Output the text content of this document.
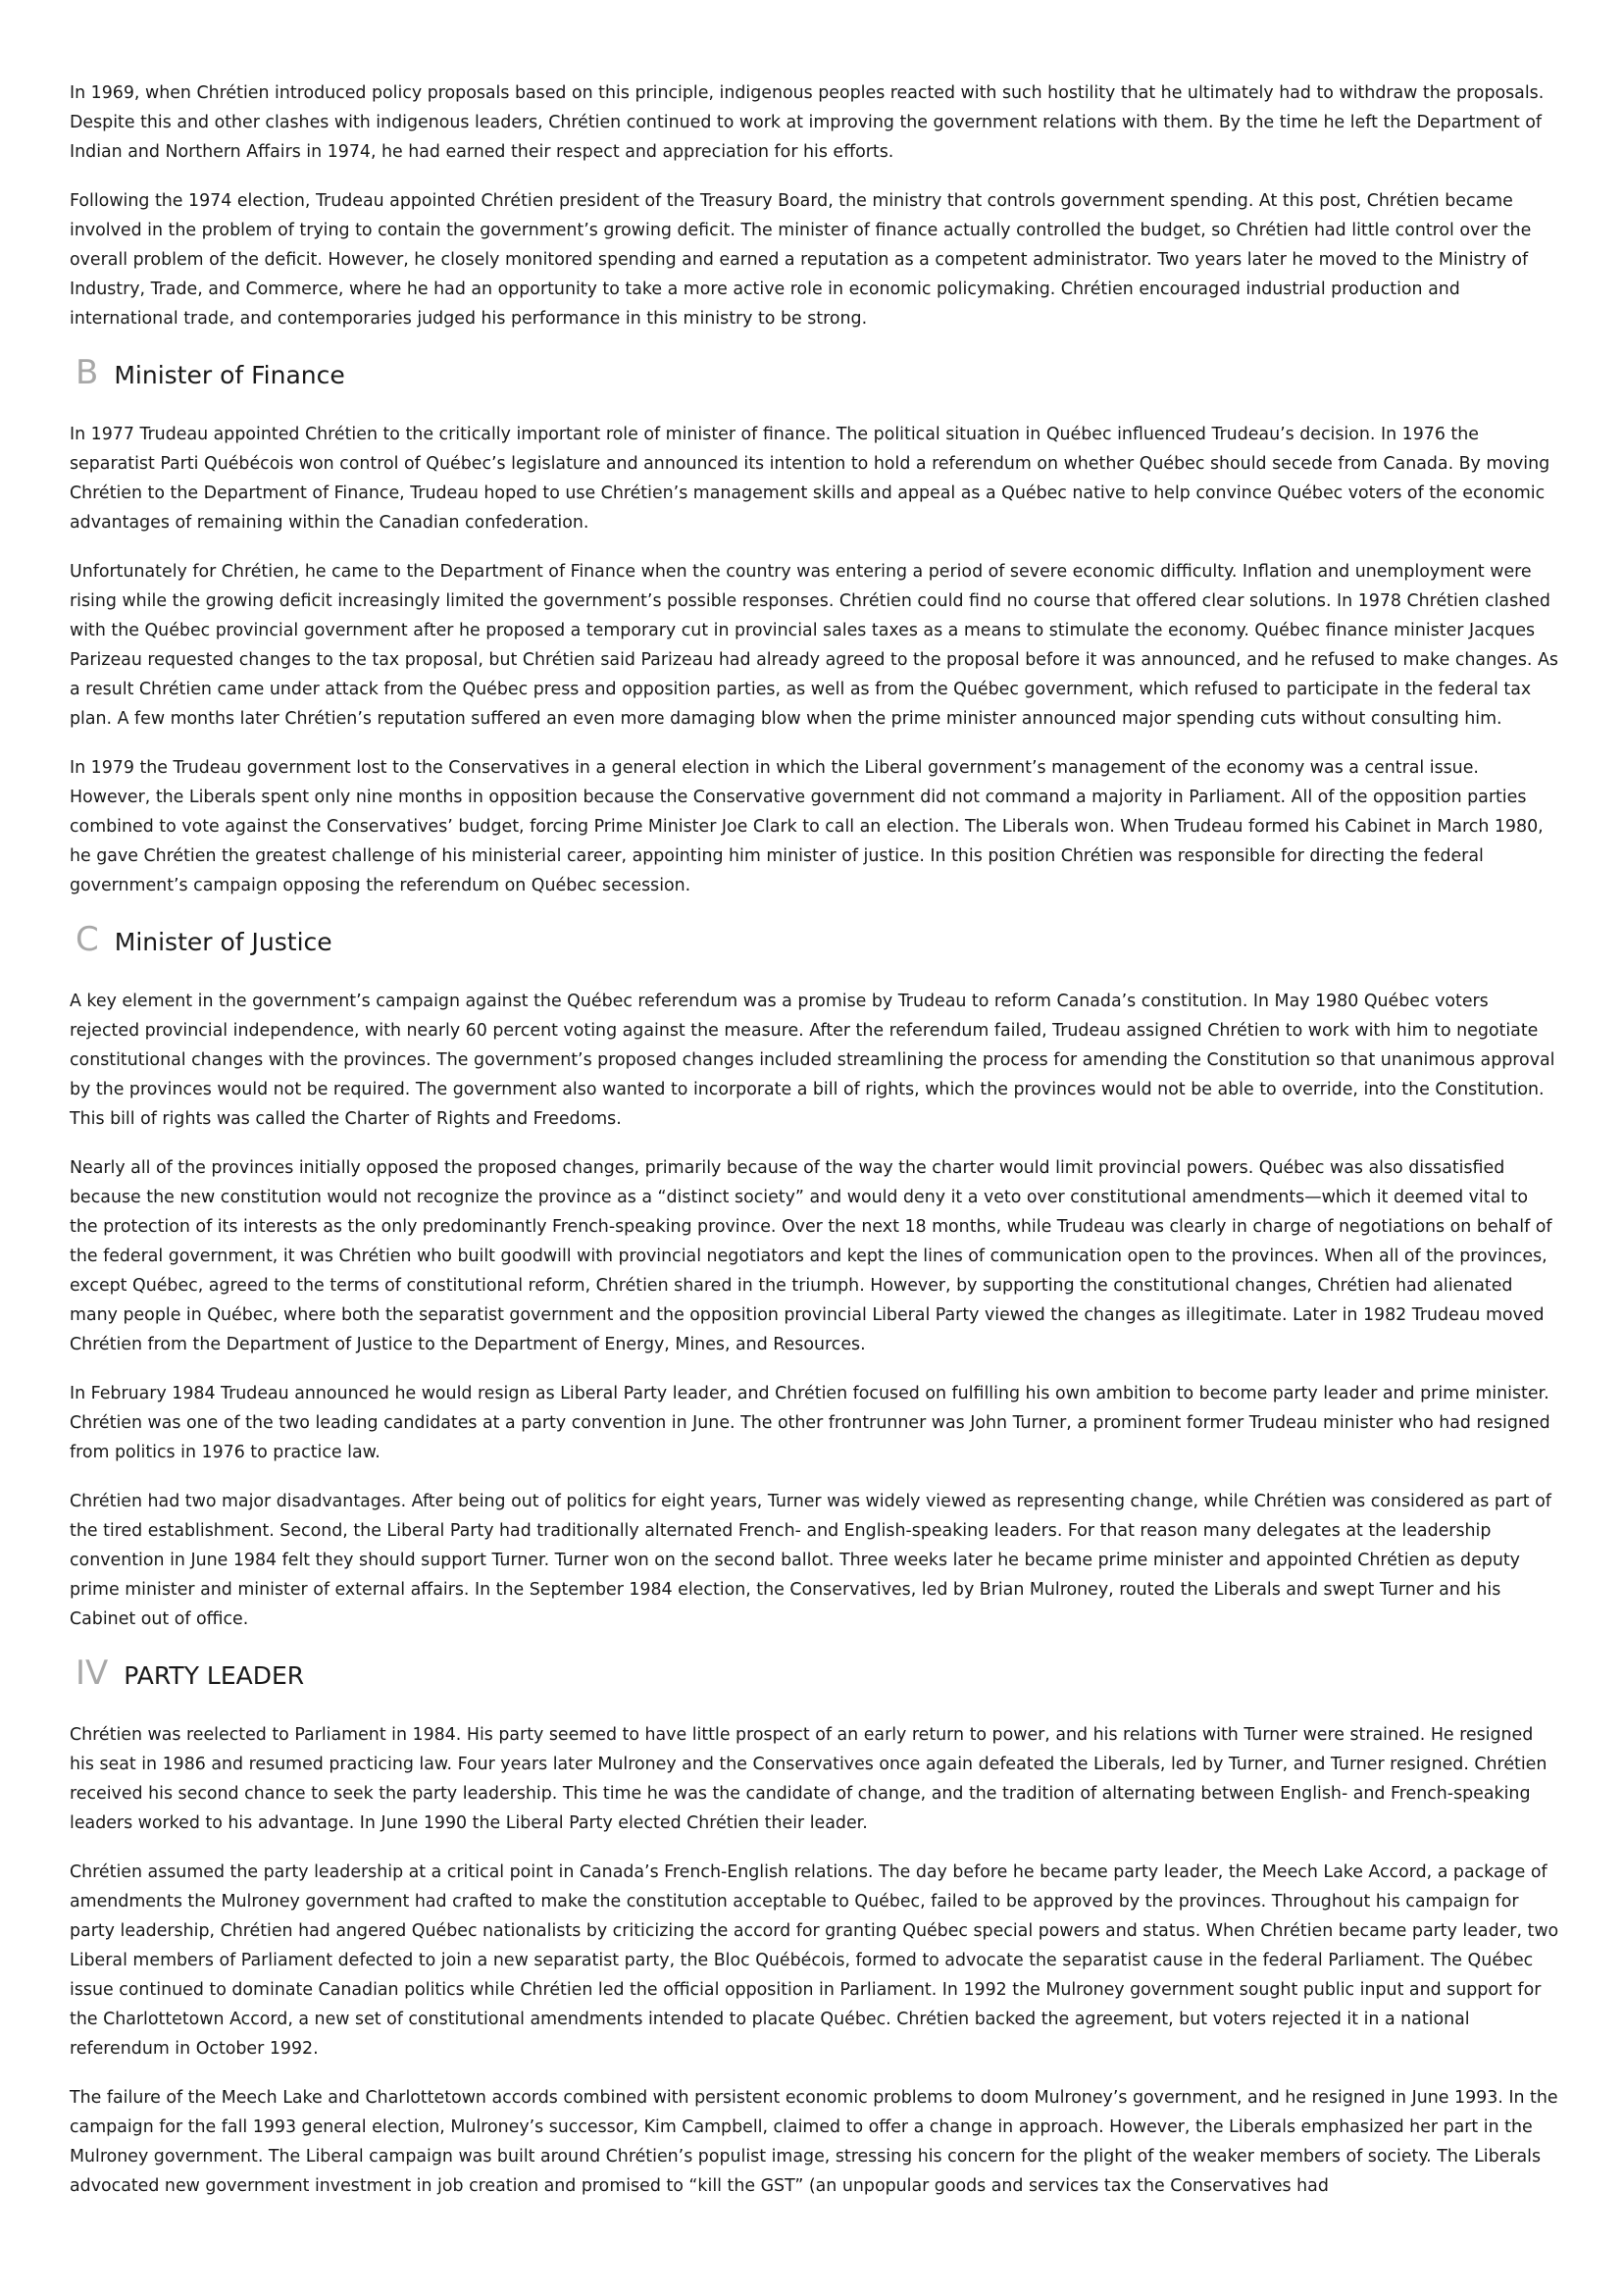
In 1969, when Chrétien introduced policy proposals based on this principle, indigenous peoples reacted with such hostility that he ultimately had to withdraw the proposals. Despite this and other clashes with indigenous leaders, Chrétien continued to work at improving the government relations with them. By the time he left the Department of Indian and Northern Affairs in 1974, he had earned their respect and appreciation for his efforts.

Following the 1974 election, Trudeau appointed Chrétien president of the Treasury Board, the ministry that controls government spending. At this post, Chrétien became involved in the problem of trying to contain the government’s growing deficit. The minister of finance actually controlled the budget, so Chrétien had little control over the overall problem of the deficit. However, he closely monitored spending and earned a reputation as a competent administrator. Two years later he moved to the Ministry of Industry, Trade, and Commerce, where he had an opportunity to take a more active role in economic policymaking. Chrétien encouraged industrial production and international trade, and contemporaries judged his performance in this ministry to be strong.

B Minister of Finance

In 1977 Trudeau appointed Chrétien to the critically important role of minister of finance. The political situation in Québec influenced Trudeau’s decision. In 1976 the separatist Parti Québécois won control of Québec’s legislature and announced its intention to hold a referendum on whether Québec should secede from Canada. By moving Chrétien to the Department of Finance, Trudeau hoped to use Chrétien’s management skills and appeal as a Québec native to help convince Québec voters of the economic advantages of remaining within the Canadian confederation.

Unfortunately for Chrétien, he came to the Department of Finance when the country was entering a period of severe economic difficulty. Inflation and unemployment were rising while the growing deficit increasingly limited the government’s possible responses. Chrétien could find no course that offered clear solutions. In 1978 Chrétien clashed with the Québec provincial government after he proposed a temporary cut in provincial sales taxes as a means to stimulate the economy. Québec finance minister Jacques Parizeau requested changes to the tax proposal, but Chrétien said Parizeau had already agreed to the proposal before it was announced, and he refused to make changes. As a result Chrétien came under attack from the Québec press and opposition parties, as well as from the Québec government, which refused to participate in the federal tax plan. A few months later Chrétien’s reputation suffered an even more damaging blow when the prime minister announced major spending cuts without consulting him.

In 1979 the Trudeau government lost to the Conservatives in a general election in which the Liberal government’s management of the economy was a central issue. However, the Liberals spent only nine months in opposition because the Conservative government did not command a majority in Parliament. All of the opposition parties combined to vote against the Conservatives’ budget, forcing Prime Minister Joe Clark to call an election. The Liberals won. When Trudeau formed his Cabinet in March 1980, he gave Chrétien the greatest challenge of his ministerial career, appointing him minister of justice. In this position Chrétien was responsible for directing the federal government’s campaign opposing the referendum on Québec secession.

C Minister of Justice

A key element in the government’s campaign against the Québec referendum was a promise by Trudeau to reform Canada’s constitution. In May 1980 Québec voters rejected provincial independence, with nearly 60 percent voting against the measure. After the referendum failed, Trudeau assigned Chrétien to work with him to negotiate constitutional changes with the provinces. The government’s proposed changes included streamlining the process for amending the Constitution so that unanimous approval by the provinces would not be required. The government also wanted to incorporate a bill of rights, which the provinces would not be able to override, into the Constitution. This bill of rights was called the Charter of Rights and Freedoms.

Nearly all of the provinces initially opposed the proposed changes, primarily because of the way the charter would limit provincial powers. Québec was also dissatisfied because the new constitution would not recognize the province as a “distinct society” and would deny it a veto over constitutional amendments—which it deemed vital to the protection of its interests as the only predominantly French-speaking province. Over the next 18 months, while Trudeau was clearly in charge of negotiations on behalf of the federal government, it was Chrétien who built goodwill with provincial negotiators and kept the lines of communication open to the provinces. When all of the provinces, except Québec, agreed to the terms of constitutional reform, Chrétien shared in the triumph. However, by supporting the constitutional changes, Chrétien had alienated many people in Québec, where both the separatist government and the opposition provincial Liberal Party viewed the changes as illegitimate. Later in 1982 Trudeau moved Chrétien from the Department of Justice to the Department of Energy, Mines, and Resources.

In February 1984 Trudeau announced he would resign as Liberal Party leader, and Chrétien focused on fulfilling his own ambition to become party leader and prime minister. Chrétien was one of the two leading candidates at a party convention in June. The other frontrunner was John Turner, a prominent former Trudeau minister who had resigned from politics in 1976 to practice law.

Chrétien had two major disadvantages. After being out of politics for eight years, Turner was widely viewed as representing change, while Chrétien was considered as part of the tired establishment. Second, the Liberal Party had traditionally alternated French- and English-speaking leaders. For that reason many delegates at the leadership convention in June 1984 felt they should support Turner. Turner won on the second ballot. Three weeks later he became prime minister and appointed Chrétien as deputy prime minister and minister of external affairs. In the September 1984 election, the Conservatives, led by Brian Mulroney, routed the Liberals and swept Turner and his Cabinet out of office.

IV PARTY LEADER

Chrétien was reelected to Parliament in 1984. His party seemed to have little prospect of an early return to power, and his relations with Turner were strained. He resigned his seat in 1986 and resumed practicing law. Four years later Mulroney and the Conservatives once again defeated the Liberals, led by Turner, and Turner resigned. Chrétien received his second chance to seek the party leadership. This time he was the candidate of change, and the tradition of alternating between English- and French-speaking leaders worked to his advantage. In June 1990 the Liberal Party elected Chrétien their leader.

Chrétien assumed the party leadership at a critical point in Canada’s French-English relations. The day before he became party leader, the Meech Lake Accord, a package of amendments the Mulroney government had crafted to make the constitution acceptable to Québec, failed to be approved by the provinces. Throughout his campaign for party leadership, Chrétien had angered Québec nationalists by criticizing the accord for granting Québec special powers and status. When Chrétien became party leader, two Liberal members of Parliament defected to join a new separatist party, the Bloc Québécois, formed to advocate the separatist cause in the federal Parliament. The Québec issue continued to dominate Canadian politics while Chrétien led the official opposition in Parliament. In 1992 the Mulroney government sought public input and support for the Charlottetown Accord, a new set of constitutional amendments intended to placate Québec. Chrétien backed the agreement, but voters rejected it in a national referendum in October 1992.

The failure of the Meech Lake and Charlottetown accords combined with persistent economic problems to doom Mulroney’s government, and he resigned in June 1993. In the campaign for the fall 1993 general election, Mulroney’s successor, Kim Campbell, claimed to offer a change in approach. However, the Liberals emphasized her part in the Mulroney government. The Liberal campaign was built around Chrétien’s populist image, stressing his concern for the plight of the weaker members of society. The Liberals advocated new government investment in job creation and promised to “kill the GST” (an unpopular goods and services tax the Conservatives had
